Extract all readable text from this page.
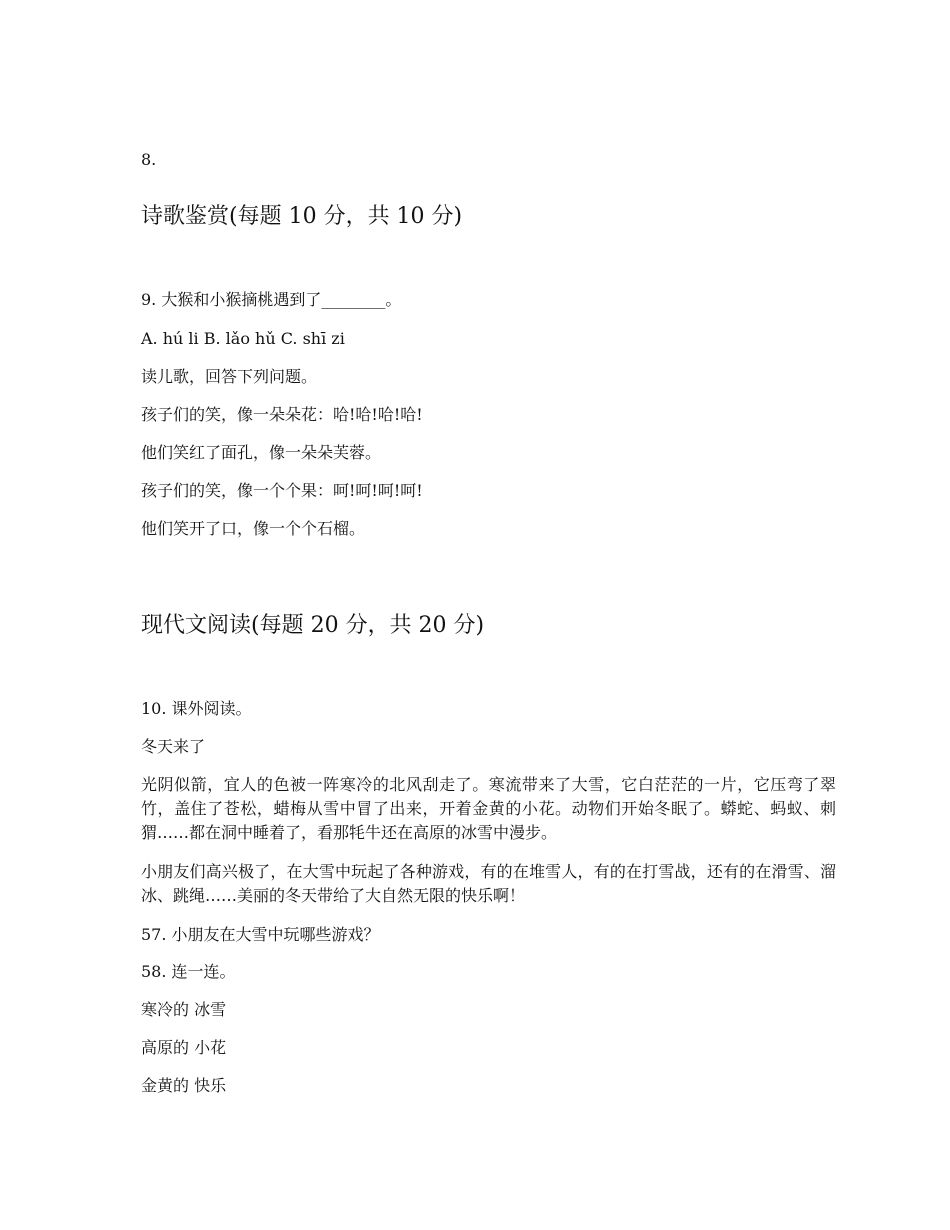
8.
诗歌鉴赏(每题 10 分，共 10 分)
9. 大猴和小猴摘桃遇到了________。
A. hú li B. lǎo hǔ C. shī zi
读儿歌，回答下列问题。
孩子们的笑，像一朵朵花：哈!哈!哈!哈!
他们笑红了面孔，像一朵朵芙蓉。
孩子们的笑，像一个个果：呵!呵!呵!呵!
他们笑开了口，像一个个石榴。
现代文阅读(每题 20 分，共 20 分)
10. 课外阅读。
冬天来了
光阴似箭，宜人的色被一阵寒冷的北风刮走了。寒流带来了大雪，它白茫茫的一片，它压弯了翠竹，盖住了苍松，蜡梅从雪中冒了出来，开着金黄的小花。动物们开始冬眠了。蟒蛇、蚂蚁、刺猬……都在洞中睡着了，看那牦牛还在高原的冰雪中漫步。
小朋友们高兴极了，在大雪中玩起了各种游戏，有的在堆雪人，有的在打雪战，还有的在滑雪、溜冰、跳绳……美丽的冬天带给了大自然无限的快乐啊！
57. 小朋友在大雪中玩哪些游戏？
58. 连一连。
寒冷的 冰雪
高原的 小花
金黄的 快乐
